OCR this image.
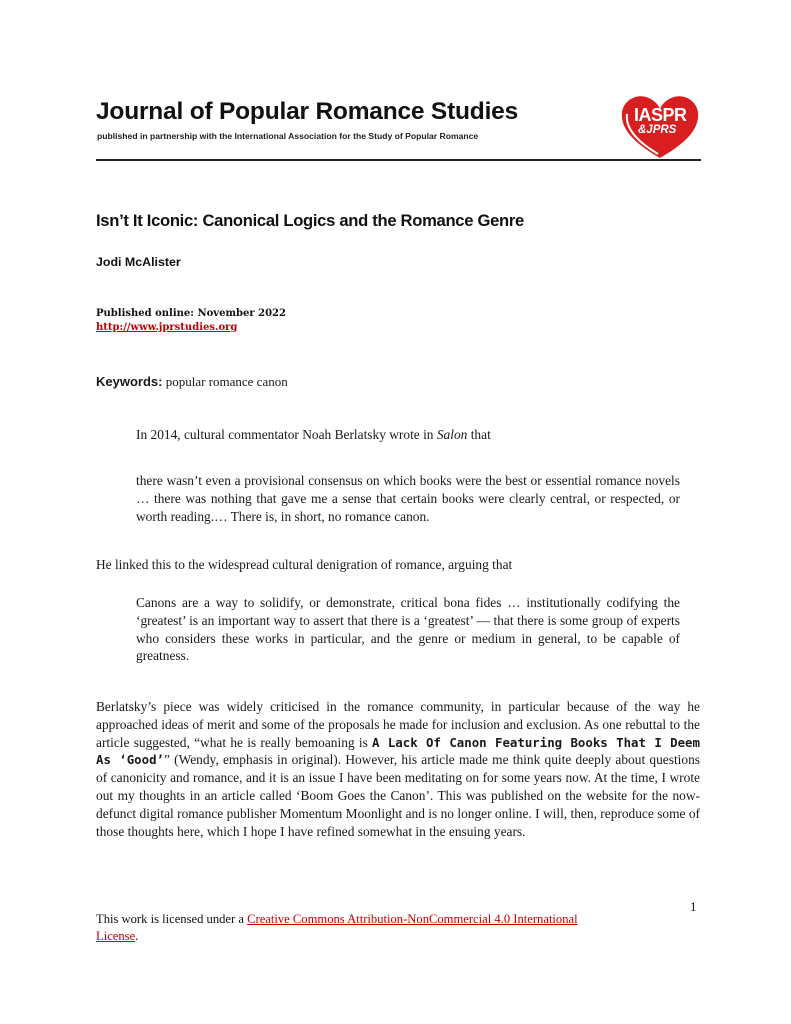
Journal of Popular Romance Studies
published in partnership with the International Association for the Study of Popular Romance
IASPR
&JPRS
Isn’t It Iconic: Canonical Logics and the Romance Genre
Jodi McAlister
Published online: November 2022
http://www.jprstudies.org
Keywords: popular romance canon
In 2014, cultural commentator Noah Berlatsky wrote in Salon that
there wasn’t even a provisional consensus on which books were the best or essential romance novels … there was nothing that gave me a sense that certain books were clearly central, or respected, or worth reading.… There is, in short, no romance canon.
He linked this to the widespread cultural denigration of romance, arguing that
Canons are a way to solidify, or demonstrate, critical bona fides … institutionally codifying the ‘greatest’ is an important way to assert that there is a ‘greatest’ — that there is some group of experts who considers these works in particular, and the genre or medium in general, to be capable of greatness.
Berlatsky’s piece was widely criticised in the romance community, in particular because of the way he approached ideas of merit and some of the proposals he made for inclusion and exclusion. As one rebuttal to the article suggested, “what he is really bemoaning is A Lack Of Canon Featuring Books That I Deem As ‘Good’” (Wendy, emphasis in original). However, his article made me think quite deeply about questions of canonicity and romance, and it is an issue I have been meditating on for some years now. At the time, I wrote out my thoughts in an article called ‘Boom Goes the Canon’. This was published on the website for the now-defunct digital romance publisher Momentum Moonlight and is no longer online. I will, then, reproduce some of those thoughts here, which I hope I have refined somewhat in the ensuing years.
1
This work is licensed under a Creative Commons Attribution-NonCommercial 4.0 International License.
